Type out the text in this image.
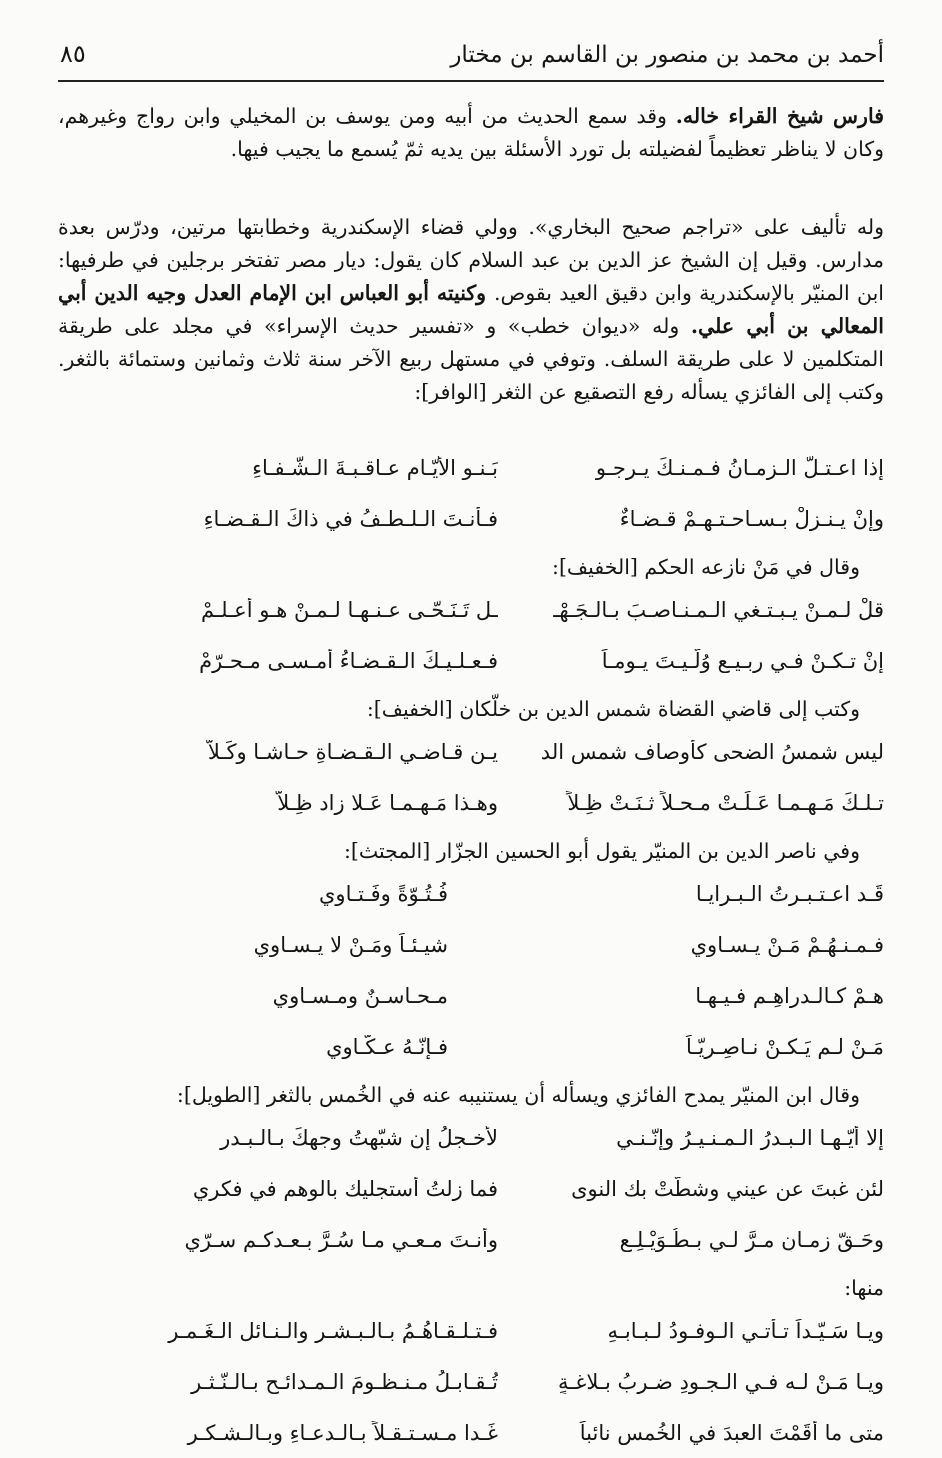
٨٥	أحمد بن محمد بن منصور بن القاسم بن مختار

فارس شيخ القراء خاله. وقد سمع الحديث من أبيه ومن يوسف بن المخيلي وابن رواج وغيرهم، وكان لا يناظر تعظيماً لفضيلته بل تورد الأسئلة بين يديه ثمّ يُسمع ما يجيب فيها.

وله تأليف على «تراجم صحيح البخاري». وولي قضاء الإسكندرية وخطابتها مرتين، ودرّس بعدة مدارس. وقيل إن الشيخ عز الدين بن عبد السلام كان يقول: ديار مصر تفتخر برجلين في طرفيها: ابن المنيّر بالإسكندرية وابن دقيق العيد بقوص. وكنيته أبو العباس ابن الإمام العدل وجيه الدين أبي المعالي بن أبي علي. وله «ديوان خطب» و «تفسير حديث الإسراء» في مجلد على طريقة المتكلمين لا على طريقة السلف. وتوفي في مستهل ربيع الآخر سنة ثلاث وثمانين وستمائة بالثغر. وكتب إلى الفائزي يسأله رفع التصقيع عن الثغر [الوافر]:

إذا اعـتـلَّ الـزمـانُ فـمـنـكَ يـرجـو
بَـنـو الأيّـامِ عـاقـبـةَ الـشّـفـاءِ
وإنْ يـنـزلْ بـسـاحـتـهـمْ قـضـاءٌ
فـأنـتَ الـلـطـفُ في ذاكَ الـقـضـاءِ

وقال في مَنْ نازعه الحكم [الخفيف]:

قلْ لـمـنْ يـبـتـغي الـمـنـاصـبَ بـالـجَـهْـ
ـلِ تَـنَـحّـى عـنـهـا لـمـنْ هـو أعـلـمْ
إنْ تـكـنْ فـي ربـيـعٍ وُلّـيـتَ يـومـاً
فـعـلـيـكَ الـقـضـاءُ أمـسـى مـحـرّمْ

وكتب إلى قاضي القضاة شمس الدين بن خلّكان [الخفيف]:

ليس شمسُ الضحى كأوصاف شمس الد
يـنِ قـاضـي الـقـضـاةِ حـاشـا وكَـلاّ
تـلـكَ مَـهـمـا عَـلَـتْ مـحـلاً ثـنَـتْ ظِـلاً
وهـذا مَـهـمـا عَـلا زاد ظِـلاّ

وفي ناصر الدين بن المنيّر يقول أبو الحسين الجزّار [المجتث]:

قَـد اعـتـبـرتُ الـبـرايـا
فُـتُـوّةً وفَـتـاوي
فـمـنـهُـمْ مَـنْ يـسـاوي
شيـئـاً ومَـنْ لا يـسـاوي
هـمْ كـالـدراهِـمِ فـيـهـا
مـحـاسـنٌ ومـسـاوي
مَـنْ لـم يَـكـنْ نـاصِـريّـاً
فـإنّـهُ عـكّـاوي

وقال ابن المنيّر يمدح الفائزي ويسأله أن يستنيبه عنه في الخُمس بالثغر [الطويل]:

إلا أيّـهـا الـبـدرُ الـمـنـيـرُ وإنّـنـي
لأخـجلُ إن شبّهتُ وجهكَ بـالـبـدرِ
لئن غبتَ عن عيني وشطّتْ بك النوى
فما زلتُ أستجليك بالوهم في فكري
وحَـقّ زمـانٍ مـرَّ لـي بـطُـوَيْـلِـعٍ
وأنـتَ مـعـي مـا سُـرَّ بـعـدكـم سـرّي

منها:

ويـا سَـيّـداً تـأتـي الـوفـودُ لـبـابـهِ
فـتـلـقـاهُـمُ بـالـبـشـرِ والـنـائلِ الـغَـمـرِ
ويـا مَـنْ لـه فـي الـجـودِ ضـربُ بـلاغـةٍ
تُـقـابـلُ مـنـظـومَ الـمـدائـحِ بـالـنّـثـرِ
متى ما أقَمْتَ العبدَ في الخُمس نائباً
غَـدا مـسـتـقـلاً بـالـدعـاءِ وبـالـشـكـرِ
